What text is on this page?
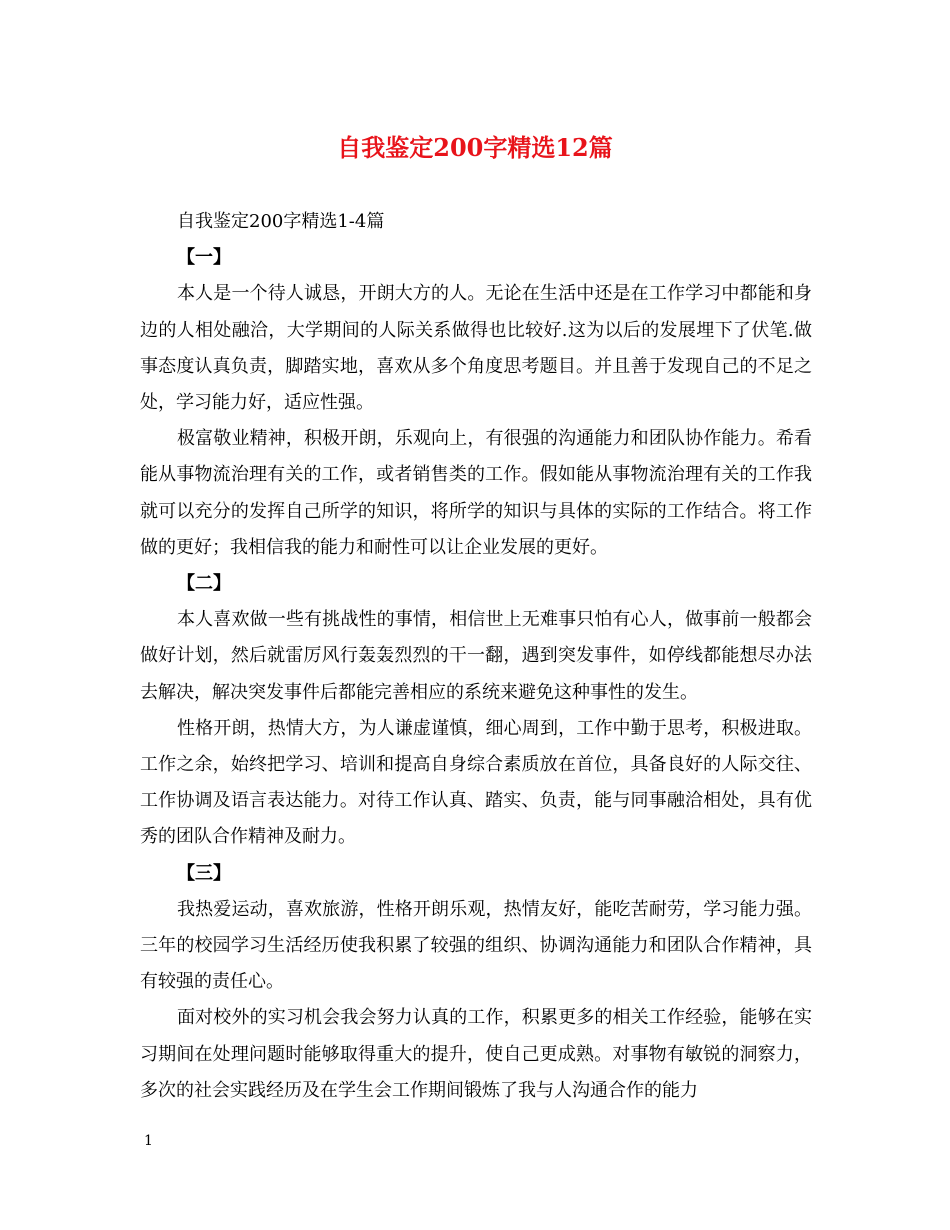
自我鉴定200字精选12篇

自我鉴定200字精选1-4篇

【一】

本人是一个待人诚恳，开朗大方的人。无论在生活中还是在工作学习中都能和身边的人相处融洽，大学期间的人际关系做得也比较好.这为以后的发展埋下了伏笔.做事态度认真负责，脚踏实地，喜欢从多个角度思考题目。并且善于发现自己的不足之处，学习能力好，适应性强。

极富敬业精神，积极开朗，乐观向上，有很强的沟通能力和团队协作能力。希看能从事物流治理有关的工作，或者销售类的工作。假如能从事物流治理有关的工作我就可以充分的发挥自己所学的知识，将所学的知识与具体的实际的工作结合。将工作做的更好；我相信我的能力和耐性可以让企业发展的更好。

【二】

本人喜欢做一些有挑战性的事情，相信世上无难事只怕有心人，做事前一般都会做好计划，然后就雷厉风行轰轰烈烈的干一翻，遇到突发事件，如停线都能想尽办法去解决，解决突发事件后都能完善相应的系统来避免这种事性的发生。

性格开朗，热情大方，为人谦虚谨慎，细心周到，工作中勤于思考，积极进取。工作之余，始终把学习、培训和提高自身综合素质放在首位，具备良好的人际交往、工作协调及语言表达能力。对待工作认真、踏实、负责，能与同事融洽相处，具有优秀的团队合作精神及耐力。

【三】

我热爱运动，喜欢旅游，性格开朗乐观，热情友好，能吃苦耐劳，学习能力强。三年的校园学习生活经历使我积累了较强的组织、协调沟通能力和团队合作精神，具有较强的责任心。

面对校外的实习机会我会努力认真的工作，积累更多的相关工作经验，能够在实习期间在处理问题时能够取得重大的提升，使自己更成熟。对事物有敏锐的洞察力，多次的社会实践经历及在学生会工作期间锻炼了我与人沟通合作的能力

1
